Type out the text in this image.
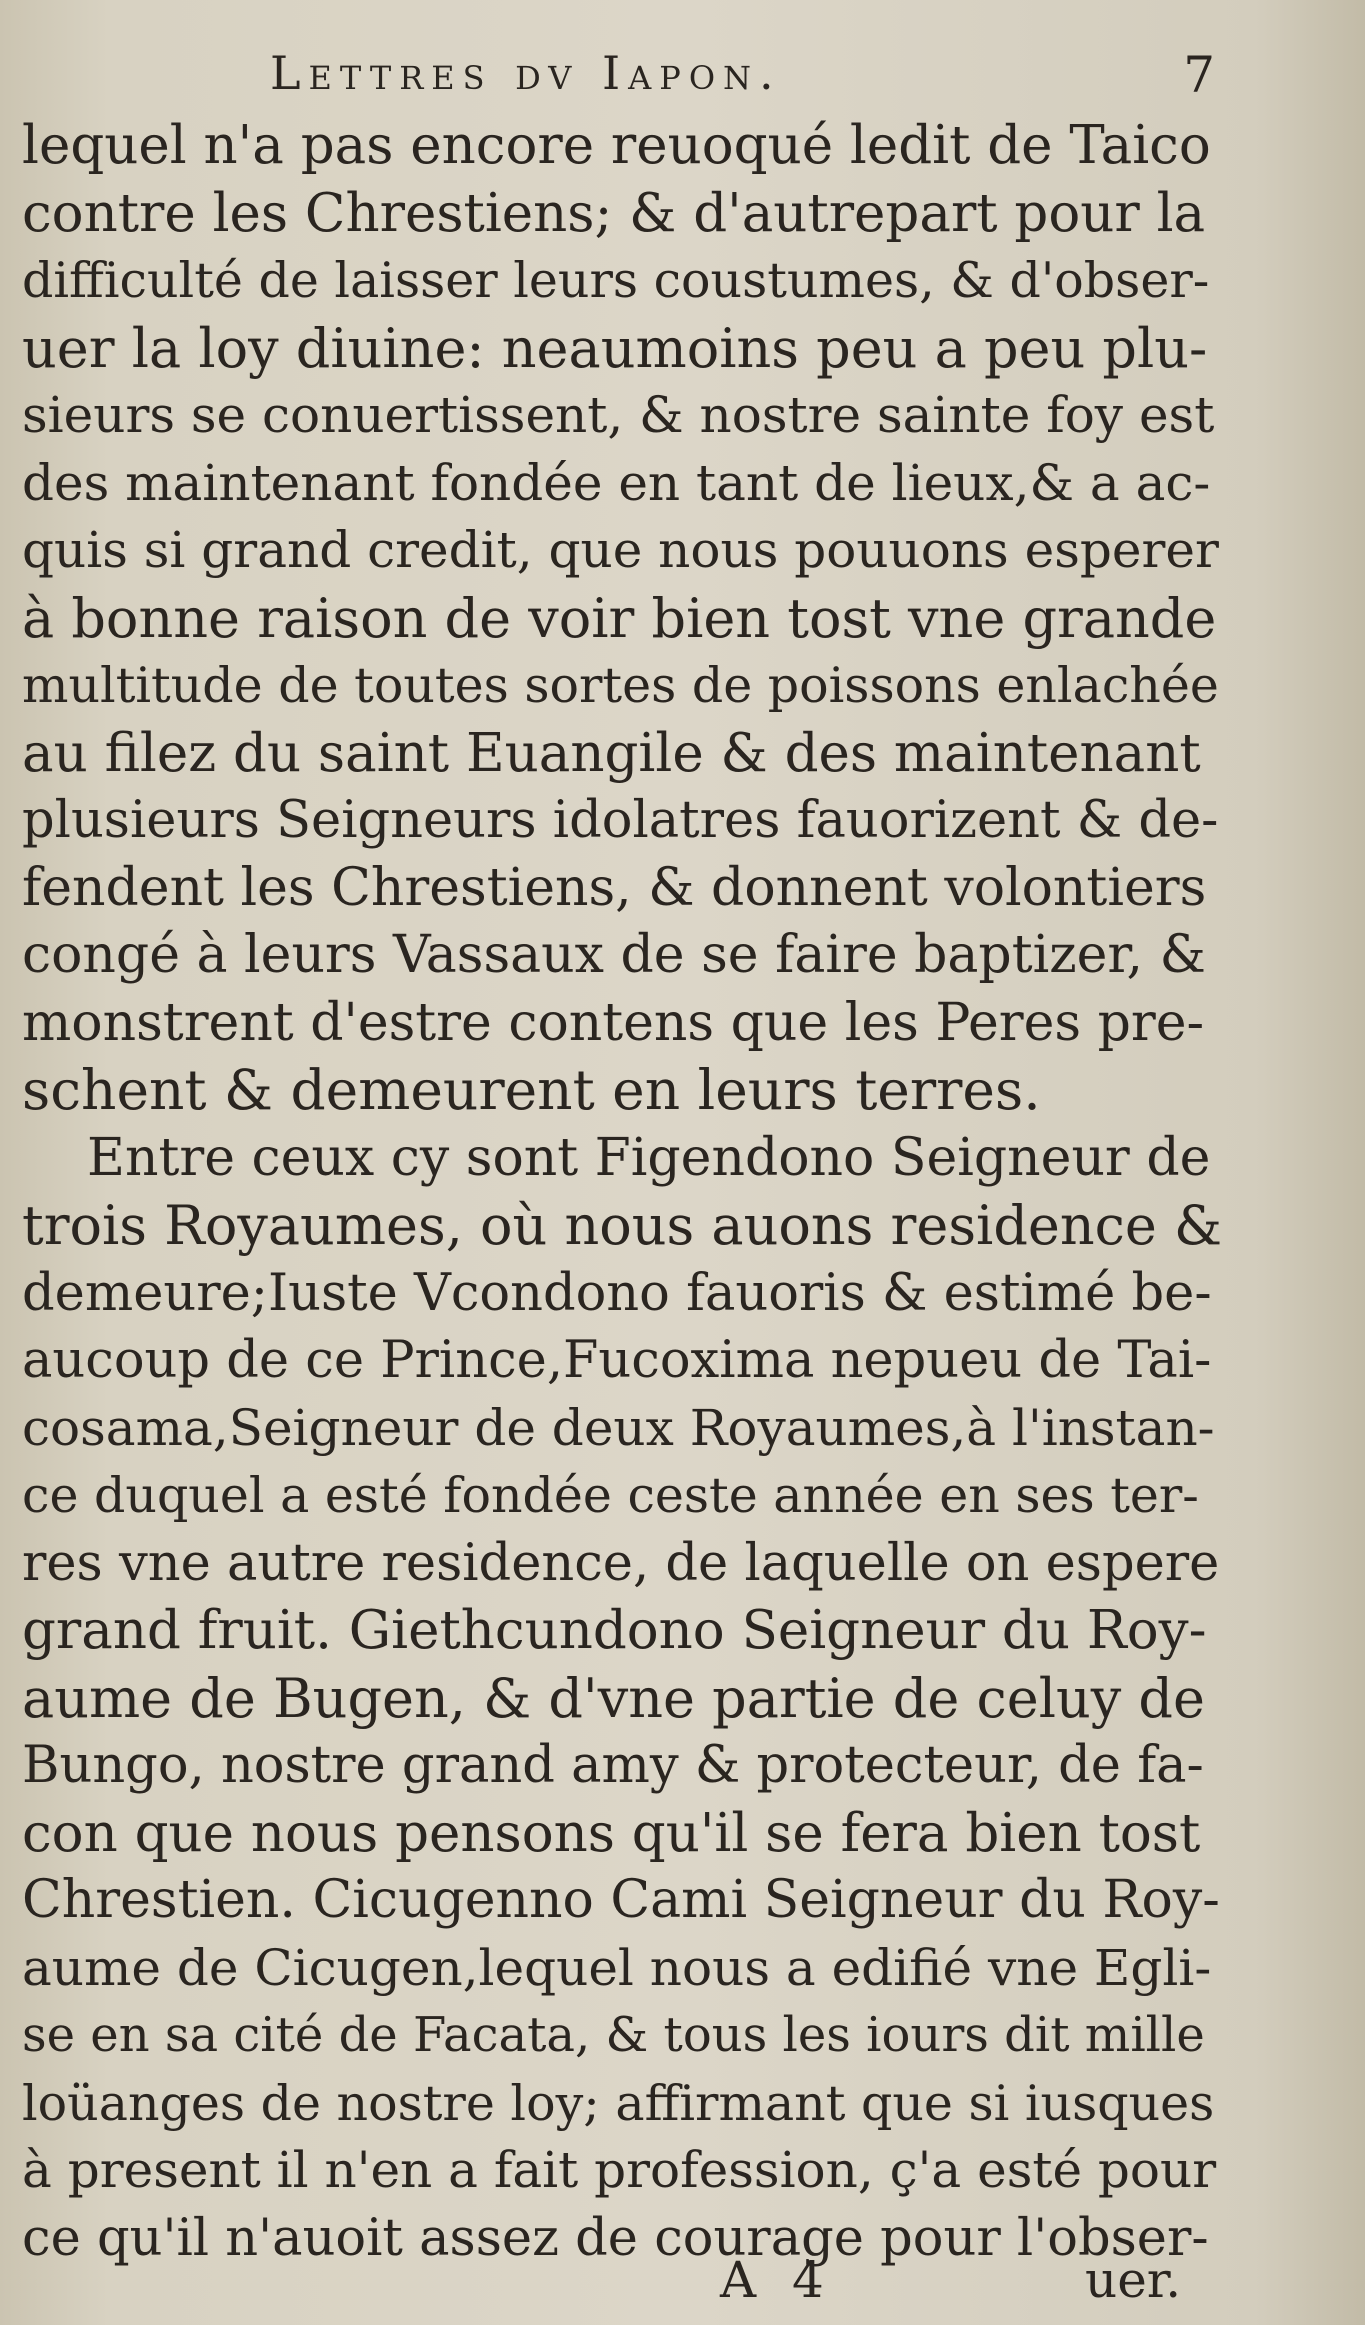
Lettres dv Iapon.	7
lequel n'a pas encore reuoqué ledit de Taico
contre les Chrestiens; & d'autrepart pour la
difficulté de laisser leurs coustumes, & d'obser-
uer la loy diuine: neaumoins peu a peu plu-
sieurs se conuertissent, & nostre sainte foy est
des maintenant fondée en tant de lieux,& a ac-
quis si grand credit, que nous pouuons esperer
à bonne raison de voir bien tost vne grande
multitude de toutes sortes de poissons enlachée
au filez du saint Euangile & des maintenant
plusieurs Seigneurs idolatres fauorizent & de-
fendent les Chrestiens, & donnent volontiers
congé à leurs Vassaux de se faire baptizer, &
monstrent d'estre contens que les Peres pre-
schent & demeurent en leurs terres.
Entre ceux cy sont Figendono Seigneur de
trois Royaumes, où nous auons residence &
demeure;Iuste Vcondono fauoris & estimé be-
aucoup de ce Prince,Fucoxima nepueu de Tai-
cosama,Seigneur de deux Royaumes,à l'instan-
ce duquel a esté fondée ceste année en ses ter-
res vne autre residence, de laquelle on espere
grand fruit. Giethcundono Seigneur du Roy-
aume de Bugen, & d'vne partie de celuy de
Bungo, nostre grand amy & protecteur, de fa-
con que nous pensons qu'il se fera bien tost
Chrestien. Cicugenno Cami Seigneur du Roy-
aume de Cicugen,lequel nous a edifié vne Egli-
se en sa cité de Facata, & tous les iours dit mille
loüanges de nostre loy; affirmant que si iusques
à present il n'en a fait profession, ç'a esté pour
ce qu'il n'auoit assez de courage pour l'obser-
A 4	uer.
